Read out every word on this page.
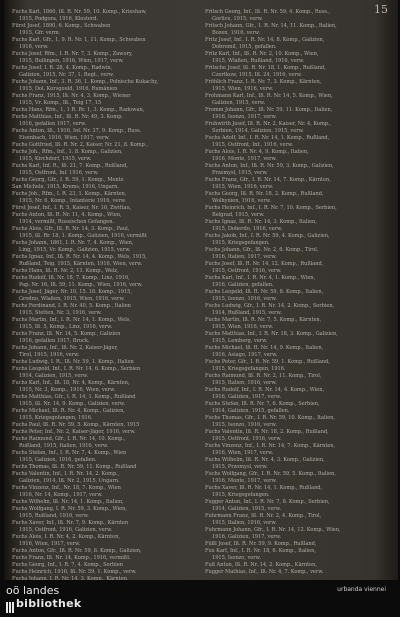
15
Fuchs Karl, 1860, Iß. R. Nr. 59, 10. Komp., Krieshaw,
1915, Podgora, 1916, Klosterd.
Fürst Josef, 1890, 6. Komp., Schwaben
1915, Gfr. verm.
Fuchs Karl, Gfr., 1, 9. R. Nr. 1, 11. Komp., Schwaben
1916, verw.
Fuchs Josef, Rfm., I. R. Nr. 7, 3. Komp., Zawory,
1915, Bullingen, 1916, Wien, 1917, verw.
Fuchs Josef, I. R. 28, 4. Komp., Radwin,
Galizien, 1915, Nr. 37, 1. Regt., verw.
Fuchs Johann, Inf., 3. R. 36, 1. Komp., Polnische Kukachy,
1915, Dol. Korsgould, 1916, Rumänien
Fuchs Franz, 1915, Iß. Nr. 4, 3. Komp., Wiener
1915, Vr. Komp., Iß., Teig 17, 15
Fuchs Hans, Rfm., 1, 1 R. Rr. 1, 3. Komp., Radowan,
Fuchs Matthias, Inf., Iß. R. Nr. 49, 3. Komp.
1916, gefallen 1917, verw.
Fuchs Anton, Iß., 1916, Inf. Nr. 37, 9. Komp., Russ.
Eisenbach, 1916, Wien, 1917, verw.
Fuchs Gottfried, Iß. R. Nr. 2, Kaiser, Nr. 21, 8. Komp.,
Fuchs Joh., Rfm., Inf., 1. 8. Komp., Galizien,
1915, Kirchdorf, 1915, verw.
Fuchs Karl, Inf. R., Iß. 21, 7. Komp., Rußland,
1915, Ostfront, Inf. 1916, verw.
Fuchs Georg, Gfr., I. R. 59, 1. Komp., Monte
San Michele, 1915, Krems, 1916, Ungarn.
Fuchs Joh., Rfm., I. R. 23, 1. Komp., Kärnten,
1915, Nr. 6, Komp., Infanterie 1916, verw.
Fürst Josef, Inf., I. R. 5, Kaiser, Nr. 10, Zwittau,
Fuchs Anton, Iß. R. Nr. 11, 4. Komp., Wien,
1914, vermißt, Russischen Gefangen.
Fuchs Alois, Gfr., Iß. R. Nr. 14, 3. Komp., Paul,
1915, Iß. Rr. 18, 1. Komp., Galizien, 1916, vermißt
Fuchs Johann, 1861, I. R. Nr. 7, 4. Komp., Wien,
Ling, 1915, Vr. Komp., Galizien, 1915, verw.
Fuchs Ignaz, Inf., Iß. R. Nr. 14, 4. Komp., Wels, 1915,
Rußland, Teig. 1915, Kärnten, 1916, Wien, verw.
Fuchs Hans, Iß. R. Nr. 2, 11. Komp., Welz,
Fuchs Rudolf, Iß. Nr. 18, 7. Komp., Linz, 1916,
Pap. Nr. 16, Iß. 59, 11. Komp., Wien, 1916, verw.
Fuchs Josef, Jäger, Nr. 10, 15. 18. Komp., 1915,
Grodno, Wlaßen, 1915, Wien, 1916, verw.
Fuchs Ferdinand, I. R. Nr. 40, 5. Komp., Italien
1915, Stetten, Nr. 3, 1916, verw.
Fuchs Martin, Inf., I. R. Nr. 14, 1. Komp., Wels,
1915, Iß. 5, Komp., Linz, 1916, verw.
Fuchs Franz, Iß. Nr. 14, 5. Komp., Galizien
1916, gefallen 1917, Bruck.
Fuchs Johann, Inf., Iß. Nr. 2, Kaiser-Jäger,
Tirol, 1915, 1916, verw.
Fuchs Ludwig, I. R., Iß. Nr. 59, 1. Komp., Italien
Fuchs Leopold, Inf., I. R. Nr. 14, 6. Komp., Serbien
1914, Galizien, 1915, verw.
Fuchs Karl, Inf., Iß. 18, Nr. 4, Komp., Kärnten,
1915, Nr. 3, Komp., 1916, Wien, verw.
Fuchs Matthias, Gfr., I. R. 14, 1. Komp., Rußland
1915, Iß. Nr. 14, 9. Komp., Galizien, verw.
Fuchs Michael, Iß. R. Nr. 4, Komp., Galizien,
1915, Kriegsgefangen, 1916.
Fuchs Paul, Iß. R. Nr. 59, 5. Komp., Kärnten, 1915
Fuchs Peter, Inf., Nr. 2, Kaiser-Jäger, 1916, verw.
Fuchs Raimund, Gfr., I. R. Nr. 14, 10. Komp.,
Rußland, 1915, Italien, 1916, verw.
Fuchs Stefan, Inf., I. R. Nr. 7, 4. Komp., Wien
1915, Galizien, 1916, gefallen.
Fuchs Thomas, Iß. R. Nr. 59, 11. Komp., Rußland
Fuchs Valentin, Inf., I. R. Nr. 14, 2. Komp.,
Galizien, 1914, Iß. Nr. 2, 1915, Ungarn.
Fuchs Vinzenz, Inf., Nr. 18, 7. Komp., Wien
1916, Nr. 14, Komp., 1917, verw.
Fuchs Wilhelm, Iß. Nr. 14, 1. Komp., Italien,
Fuchs Wolfgang, I. R. Nr. 59, 3. Komp., Wien,
1915, Rußland, 1916, verw.
Fuchs Xaver, Inf., Iß. Nr. 7, 9. Komp., Kärnten
1915, Ostfront, 1916, Galizien, verw.
Fuchs Alois, I. R. Nr. 4, 2. Komp., Kärnten,
1916, Wien, 1917, verw.
Fuchs Anton, Gfr., Iß. R. Nr. 59, 8. Komp., Galizien,
Fuchs Franz, Iß. Nr. 14, Komp., 1916, vermißt.
Fuchs Georg, Inf., I. R. 7, 4. Komp., Serbien
Fuchs Heinrich, 1916, Iß. Nr. 59, 1. Komp., verw.
Fuchs Johann, I. R. Nr. 14, 3. Komp., Kärnten,
Fritsch Georg, Inf., Iß. R. Nr. 59, 4. Komp., Russ.,
Gorlice, 1915, verw.
Fritsch Johann, Gfr., 1. R. Nr. 14, 11. Komp., Italien,
Bozen, 1916, verw.
Fritz Josef, Inf., I. R. Nr. 14, 8. Komp., Galizien,
Dobromil, 1915, gefallen.
Fritz Karl, Inf., Iß. R. Nr. 2, 10. Komp., Wien,
1915, Wlaßen, Rußland, 1916, verw.
Fritsche Josef, Iß. R. Nr. 18, 1. Komp., Rußland,
Czortkow, 1915, Iß. 24, 1916, verw.
Fröhlich Franz, I. R. Nr. 7, 3. Komp., Kärnten,
1915, Wien, 1916, verw.
Frohmann Karl, Inf., Iß. R. Nr. 14, 5. Komp., Wien,
Galizien, 1915, verw.
Fromm Johann, Gfr., Iß. Nr. 59, 11. Komp., Italien,
1916, Isonzo, 1917, verw.
Fruhwirth Josef, Iß. R. Nr. 2, Kaiser, Nr. 4, Komp.,
Serbien, 1914, Galizien, 1915, verw.
Fuchs Adolf, Inf., I. R. Nr. 14, 1. Komp., Rußland,
1915, Ostfront, Inf., 1916, verw.
Fuchs Alois, I. R. Nr. 4, 9. Komp., Italien,
1916, Monte, 1917, verw.
Fuchs Anton, Inf., Iß. R. Nr. 59, 3. Komp., Galizien,
Przemysl, 1915, verw.
Fuchs Franz, Gfr., I. R. Nr. 14, 7. Komp., Kärnten,
1915, Wien, 1916, verw.
Fuchs Georg, Iß. R. Nr. 18, 2. Komp., Rußland,
Wolhynien, 1916, verw.
Fuchs Heinrich, Inf., I. R. Nr. 7, 10. Komp., Serbien,
Belgrad, 1915, verw.
Fuchs Ignaz, Iß. R. Nr. 14, 3. Komp., Italien,
1915, Doberdo, 1916, verw.
Fuchs Jakob, Inf., I. R. Nr. 59, 4. Komp., Galizien,
1915, Kriegsgefangen.
Fuchs Johann, Gfr., Iß. Nr. 2, 6. Komp., Tirol,
1916, Italien, 1917, verw.
Fuchs Josef, Iß. R. Nr. 14, 12. Komp., Rußland,
1915, Ostfront, 1916, verw.
Fuchs Karl, Inf., I. R. Nr. 4, 1. Komp., Wien,
1916, Galizien, gefallen.
Fuchs Leopold, Iß. R. Nr. 59, 8. Komp., Italien,
1915, Isonzo, 1916, verw.
Fuchs Ludwig, Gfr., I. R. Nr. 14, 2. Komp., Serbien,
1914, Rußland, 1915, verw.
Fuchs Martin, Iß. R. Nr. 7, 5. Komp., Kärnten,
1915, Wien, 1916, verw.
Fuchs Matthias, Inf., I. R. Nr. 18, 3. Komp., Galizien,
1915, Lemberg, verw.
Fuchs Michael, Iß. R. Nr. 14, 9. Komp., Italien,
1916, Asiago, 1917, verw.
Fuchs Peter, Gfr., I. R. Nr. 59, 1. Komp., Rußland,
1915, Kriegsgefangen, 1916.
Fuchs Raimund, Iß. R. Nr. 2, 11. Komp., Tirol,
1915, Italien, 1916, verw.
Fuchs Rudolf, Inf., I. R. Nr. 14, 4. Komp., Wien,
1916, Galizien, 1917, verw.
Fuchs Stefan, Iß. R. Nr. 7, 6. Komp., Serbien,
1914, Galizien, 1915, gefallen.
Fuchs Thomas, Gfr., I. R. Nr. 59, 10. Komp., Italien,
1915, Isonzo, 1916, verw.
Fuchs Valentin, Iß. R. Nr. 18, 2. Komp., Rußland,
1915, Ostfront, 1916, verw.
Fuchs Vinzenz, Inf., I. R. Nr. 14, 7. Komp., Kärnten,
1916, Wien, 1917, verw.
Fuchs Wilhelm, Iß. R. Nr. 4, 3. Komp., Galizien,
1915, Przemysl, verw.
Fuchs Wolfgang, Gfr., I. R. Nr. 59, 5. Komp., Italien,
1916, Monte, 1917, verw.
Fuchs Xaver, Iß. R. Nr. 14, 1. Komp., Rußland,
1915, Kriegsgefangen.
Fugger Anton, Inf., I. R. Nr. 7, 8. Komp., Serbien,
1914, Galizien, 1915, verw.
Fuhrmann Franz, Iß. R. Nr. 2, 4. Komp., Tirol,
1915, Italien, 1916, verw.
Fuhrmann Johann, Gfr., I. R. Nr. 14, 12. Komp., Wien,
1916, Galizien, 1917, verw.
Füßl Josef, Iß. R. Nr. 59, 9. Komp., Rußland,
Fux Karl, Inf., I. R. Nr. 18, 6. Komp., Italien,
1915, Isonzo, verw.
Fuß Anton, Iß. R. Nr. 14, 2. Komp., Kärnten,
Fugger Mathias, Inf., Iß. Nr. 4, 7. Komp., verw.
oö landes
bibliothek
urbanda viennei
